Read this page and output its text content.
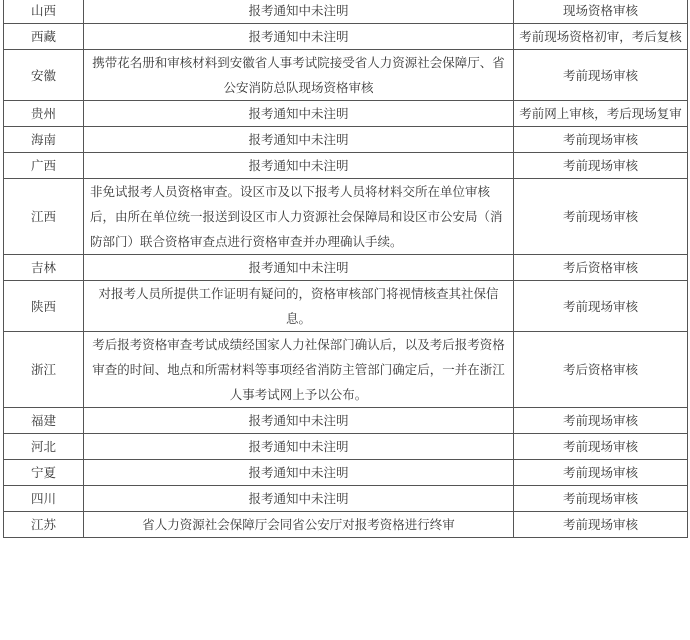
山西	报考通知中未注明	现场资格审核
西藏	报考通知中未注明	考前现场资格初审，考后复核
安徽	携带花名册和审核材料到安徽省人事考试院接受省人力资源社会保障厅、省公安消防总队现场资格审核	考前现场审核
贵州	报考通知中未注明	考前网上审核，考后现场复审
海南	报考通知中未注明	考前现场审核
广西	报考通知中未注明	考前现场审核
江西	非免试报考人员资格审查。设区市及以下报考人员将材料交所在单位审核后，由所在单位统一报送到设区市人力资源社会保障局和设区市公安局（消防部门）联合资格审查点进行资格审查并办理确认手续。	考前现场审核
吉林	报考通知中未注明	考后资格审核
陕西	对报考人员所提供工作证明有疑问的，资格审核部门将视情核查其社保信息。	考前现场审核
浙江	考后报考资格审查考试成绩经国家人力社保部门确认后，以及考后报考资格审查的时间、地点和所需材料等事项经省消防主管部门确定后，一并在浙江人事考试网上予以公布。	考后资格审核
福建	报考通知中未注明	考前现场审核
河北	报考通知中未注明	考前现场审核
宁夏	报考通知中未注明	考前现场审核
四川	报考通知中未注明	考前现场审核
江苏	省人力资源社会保障厅会同省公安厅对报考资格进行终审	考前现场审核
